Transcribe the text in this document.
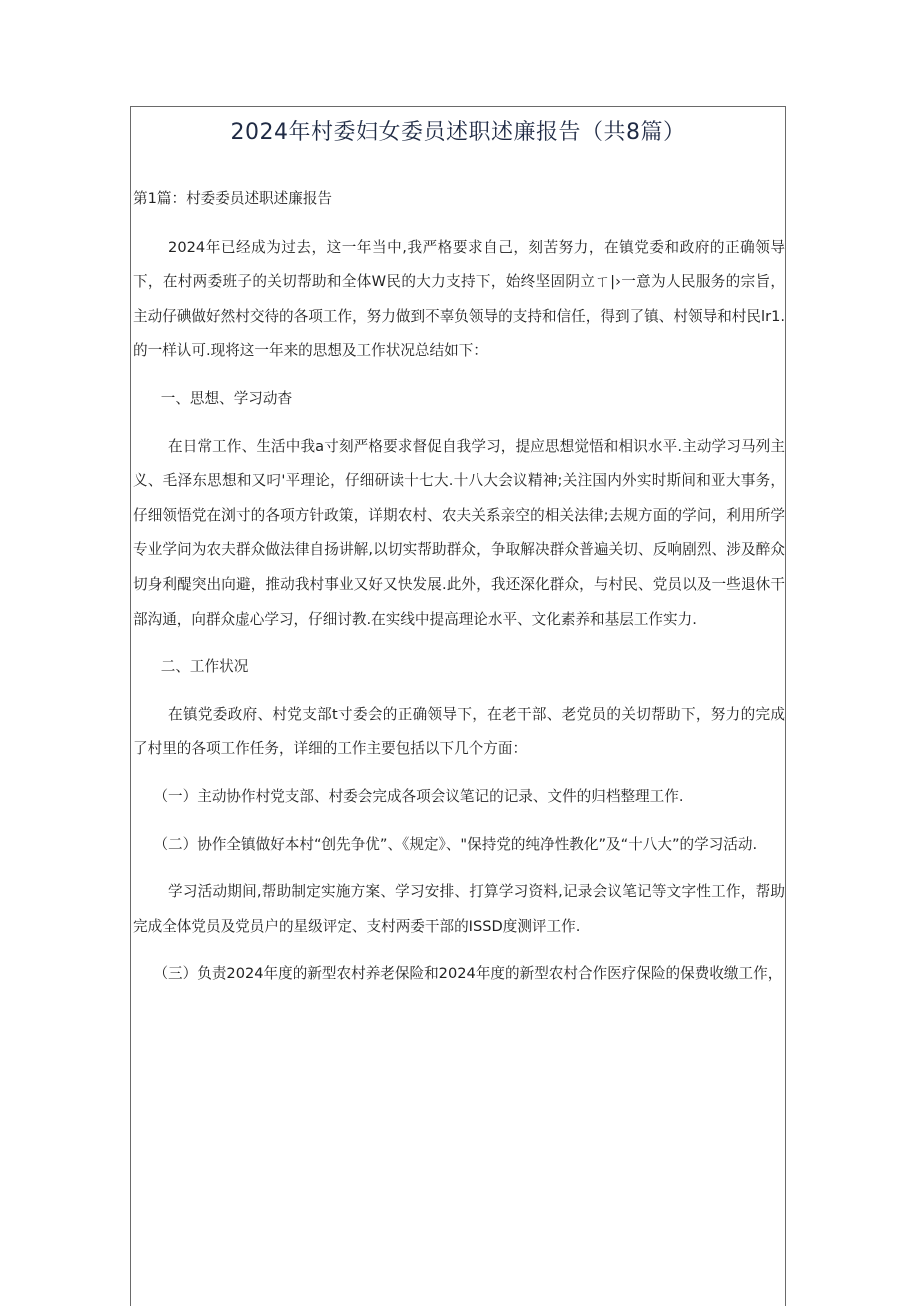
2024年村委妇女委员述职述廉报告（共8篇）

第1篇：村委委员述职述廉报告

2024年已经成为过去，这一年当中,我严格要求自己，刻苦努力，在镇党委和政府的正确领导下，在村两委班子的关切帮助和全体W民的大力支持下，始终坚固阴立ㄒ|›一意为人民服务的宗旨，主动仔碘做好然村交待的各项工作，努力做到不辜负领导的支持和信任，得到了镇、村领导和村民lr1.的一样认可.现将这一年来的思想及工作状况总结如下：

一、思想、学习动杳

在日常工作、生活中我a寸刻严格要求督促自我学习，提应思想觉悟和相识水平.主动学习马列主义、毛泽东思想和又叼'平理论，仔细研读十七大.十八大会议精神;关注国内外实时斯间和亚大事务，仔细领悟党在浏寸的各项方针政策，详期农村、农夫关系亲空的相关法律;去规方面的学问，利用所学专业学问为农夫群众做法律自扬讲解,以切实帮助群众，争取解决群众普遍关切、反响剧烈、涉及醉众切身利醍突出向避，推动我村事业又好又快发展.此外，我还深化群众，与村民、党员以及一些退休干部沟通，向群众虚心学习，仔细讨教.在实线中提高理论水平、文化素养和基层工作实力.

二、工作状况

在镇党委政府、村党支部t寸委会的正确领导下，在老干部、老党员的关切帮助下，努力的完成了村里的各项工作任务，详细的工作主要包括以下几个方面：

（一）主动协作村党支部、村委会完成各项会议笔记的记录、文件的归档整理工作.

（二）协作全镇做好本村“创先争优”、《规定》、"保持党的纯净性教化”及“十八大”的学习活动.

学习活动期间,帮助制定实施方案、学习安排、打算学习资料,记录会议笔记等文字性工作，帮助完成全体党员及党员户的星级评定、支村两委干部的ISSD度测评工作.

（三）负责2024年度的新型农村养老保险和2024年度的新型农村合作医疗保险的保费收缴工作，
